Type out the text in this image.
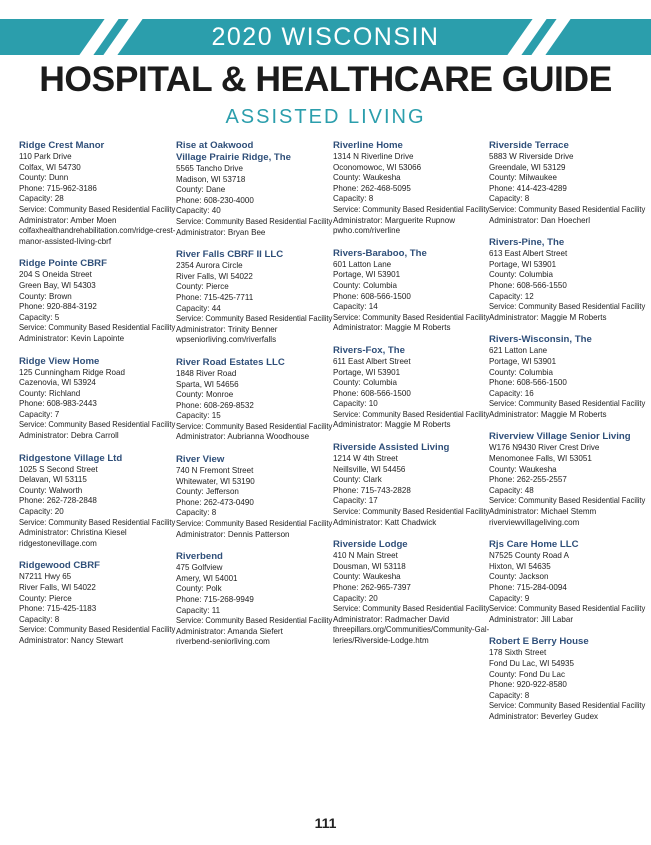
2020 WISCONSIN
HOSPITAL & HEALTHCARE GUIDE
ASSISTED LIVING
Ridge Crest Manor
110 Park Drive
Colfax, WI 54730
County: Dunn
Phone: 715-962-3186
Capacity: 28
Service: Community Based Residential Facility
Administrator: Amber Moen
colfaxhealthandrehabilitation.com/ridge-crest-
manor-assisted-living-cbrf
Ridge Pointe CBRF
204 S Oneida Street
Green Bay, WI 54303
County: Brown
Phone: 920-884-3192
Capacity: 5
Service: Community Based Residential Facility
Administrator: Kevin Lapointe
Ridge View Home
125 Cunningham Ridge Road
Cazenovia, WI 53924
County: Richland
Phone: 608-983-2443
Capacity: 7
Service: Community Based Residential Facility
Administrator: Debra Carroll
Ridgestone Village Ltd
1025 S Second Street
Delavan, WI 53115
County: Walworth
Phone: 262-728-2848
Capacity: 20
Service: Community Based Residential Facility
Administrator: Christina Kiesel
ridgestonevillage.com
Ridgewood CBRF
N7211 Hwy 65
River Falls, WI 54022
County: Pierce
Phone: 715-425-1183
Capacity: 8
Service: Community Based Residential Facility
Administrator: Nancy Stewart
Rise at Oakwood
Village Prairie Ridge, The
5565 Tancho Drive
Madison, WI 53718
County: Dane
Phone: 608-230-4000
Capacity: 40
Service: Community Based Residential Facility
Administrator: Bryan Bee
River Falls CBRF II LLC
2354 Aurora Circle
River Falls, WI 54022
County: Pierce
Phone: 715-425-7711
Capacity: 44
Service: Community Based Residential Facility
Administrator: Trinity Benner
wpseniorliving.com/riverfalls
River Road Estates LLC
1848 River Road
Sparta, WI 54656
County: Monroe
Phone: 608-269-8532
Capacity: 15
Service: Community Based Residential Facility
Administrator: Aubrianna Woodhouse
River View
740 N Fremont Street
Whitewater, WI 53190
County: Jefferson
Phone: 262-473-0490
Capacity: 8
Service: Community Based Residential Facility
Administrator: Dennis Patterson
Riverbend
475 Golfview
Amery, WI 54001
County: Polk
Phone: 715-268-9949
Capacity: 11
Service: Community Based Residential Facility
Administrator: Amanda Siefert
riverbend-seniorliving.com
Riverline Home
1314 N Riverline Drive
Oconomowoc, WI 53066
County: Waukesha
Phone: 262-468-5095
Capacity: 8
Service: Community Based Residential Facility
Administrator: Marguerite Rupnow
pwho.com/riverline
Rivers-Baraboo, The
601 Latton Lane
Portage, WI 53901
County: Columbia
Phone: 608-566-1500
Capacity: 14
Service: Community Based Residential Facility
Administrator: Maggie M Roberts
Rivers-Fox, The
611 East Albert Street
Portage, WI 53901
County: Columbia
Phone: 608-566-1500
Capacity: 10
Service: Community Based Residential Facility
Administrator: Maggie M Roberts
Riverside Assisted Living
1214 W 4th Street
Neillsville, WI 54456
County: Clark
Phone: 715-743-2828
Capacity: 17
Service: Community Based Residential Facility
Administrator: Katt Chadwick
Riverside Lodge
410 N Main Street
Dousman, WI 53118
County: Waukesha
Phone: 262-965-7397
Capacity: 20
Service: Community Based Residential Facility
Administrator: Radmacher David
threepillars.org/Communities/Community-Gal-
leries/Riverside-Lodge.htm
Riverside Terrace
5883 W Riverside Drive
Greendale, WI 53129
County: Milwaukee
Phone: 414-423-4289
Capacity: 8
Service: Community Based Residential Facility
Administrator: Dan Hoecherl
Rivers-Pine, The
613 East Albert Street
Portage, WI 53901
County: Columbia
Phone: 608-566-1550
Capacity: 12
Service: Community Based Residential Facility
Administrator: Maggie M Roberts
Rivers-Wisconsin, The
621 Latton Lane
Portage, WI 53901
County: Columbia
Phone: 608-566-1500
Capacity: 16
Service: Community Based Residential Facility
Administrator: Maggie M Roberts
Riverview Village Senior Living
W176 N9430 River Crest Drive
Menomonee Falls, WI 53051
County: Waukesha
Phone: 262-255-2557
Capacity: 48
Service: Community Based Residential Facility
Administrator: Michael Stemm
riverviewvillageliving.com
Rjs Care Home LLC
N7525 County Road A
Hixton, WI 54635
County: Jackson
Phone: 715-284-0094
Capacity: 9
Service: Community Based Residential Facility
Administrator: Jill Labar
Robert E Berry House
178 Sixth Street
Fond Du Lac, WI 54935
County: Fond Du Lac
Phone: 920-922-8580
Capacity: 8
Service: Community Based Residential Facility
Administrator: Beverley Gudex
111
